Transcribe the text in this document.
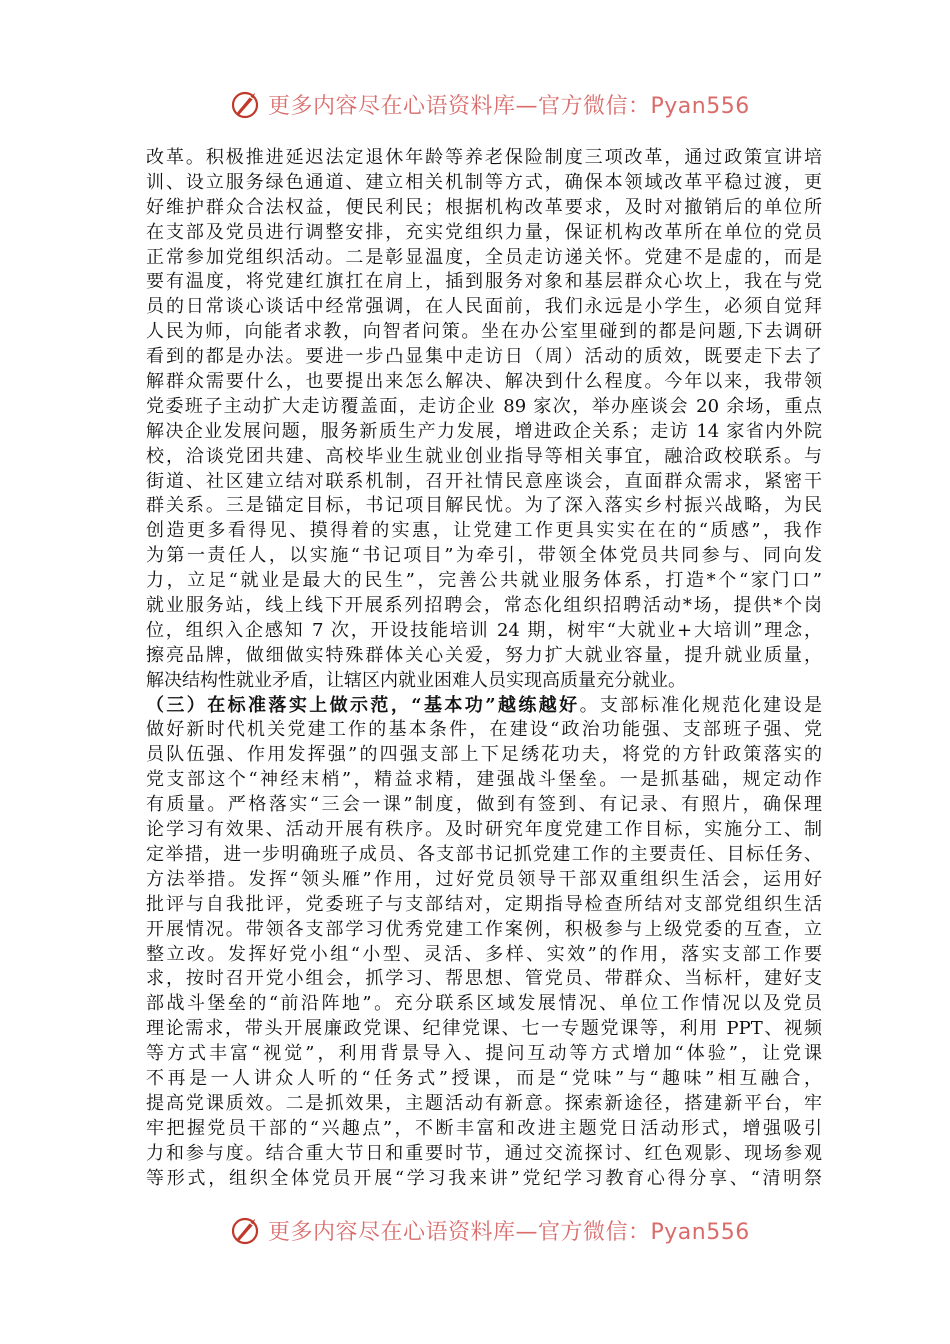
更多内容尽在心语资料库—官方微信：Pyan556
改革。积极推进延迟法定退休年龄等养老保险制度三项改革，通过政策宣讲培
训、设立服务绿色通道、建立相关机制等方式，确保本领域改革平稳过渡，更
好维护群众合法权益，便民利民；根据机构改革要求，及时对撤销后的单位所
在支部及党员进行调整安排，充实党组织力量，保证机构改革所在单位的党员
正常参加党组织活动。二是彰显温度，全员走访递关怀。党建不是虚的，而是
要有温度，将党建红旗扛在肩上，插到服务对象和基层群众心坎上，我在与党
员的日常谈心谈话中经常强调，在人民面前，我们永远是小学生，必须自觉拜
人民为师，向能者求教，向智者问策。坐在办公室里碰到的都是问题,下去调研
看到的都是办法。要进一步凸显集中走访日（周）活动的质效，既要走下去了
解群众需要什么，也要提出来怎么解决、解决到什么程度。今年以来，我带领
党委班子主动扩大走访覆盖面，走访企业 89 家次，举办座谈会 20 余场，重点
解决企业发展问题，服务新质生产力发展，增进政企关系；走访 14 家省内外院
校，洽谈党团共建、高校毕业生就业创业指导等相关事宜，融洽政校联系。与
街道、社区建立结对联系机制，召开社情民意座谈会，直面群众需求，紧密干
群关系。三是锚定目标，书记项目解民忧。为了深入落实乡村振兴战略，为民
创造更多看得见、摸得着的实惠，让党建工作更具实实在在的“质感”，我作
为第一责任人，以实施“书记项目”为牵引，带领全体党员共同参与、同向发
力，立足“就业是最大的民生”，完善公共就业服务体系，打造*个“家门口”
就业服务站，线上线下开展系列招聘会，常态化组织招聘活动*场，提供*个岗
位，组织入企感知 7 次，开设技能培训 24 期，树牢“大就业+大培训”理念，
擦亮品牌，做细做实特殊群体关心关爱，努力扩大就业容量，提升就业质量，
解决结构性就业矛盾，让辖区内就业困难人员实现高质量充分就业。
（三）在标准落实上做示范，“基本功”越练越好。支部标准化规范化建设是
做好新时代机关党建工作的基本条件，在建设“政治功能强、支部班子强、党
员队伍强、作用发挥强”的四强支部上下足绣花功夫，将党的方针政策落实的
党支部这个“神经末梢”，精益求精，建强战斗堡垒。一是抓基础，规定动作
有质量。严格落实“三会一课”制度，做到有签到、有记录、有照片，确保理
论学习有效果、活动开展有秩序。及时研究年度党建工作目标，实施分工、制
定举措，进一步明确班子成员、各支部书记抓党建工作的主要责任、目标任务、
方法举措。发挥“领头雁”作用，过好党员领导干部双重组织生活会，运用好
批评与自我批评，党委班子与支部结对，定期指导检查所结对支部党组织生活
开展情况。带领各支部学习优秀党建工作案例，积极参与上级党委的互查，立
整立改。发挥好党小组“小型、灵活、多样、实效”的作用，落实支部工作要
求，按时召开党小组会，抓学习、帮思想、管党员、带群众、当标杆，建好支
部战斗堡垒的“前沿阵地”。充分联系区域发展情况、单位工作情况以及党员
理论需求，带头开展廉政党课、纪律党课、七一专题党课等，利用 PPT、视频
等方式丰富“视觉”，利用背景导入、提问互动等方式增加“体验”，让党课
不再是一人讲众人听的“任务式”授课，而是“党味”与“趣味”相互融合，
提高党课质效。二是抓效果，主题活动有新意。探索新途径，搭建新平台，牢
牢把握党员干部的“兴趣点”，不断丰富和改进主题党日活动形式，增强吸引
力和参与度。结合重大节日和重要时节，通过交流探讨、红色观影、现场参观
等形式，组织全体党员开展“学习我来讲”党纪学习教育心得分享、“清明祭
更多内容尽在心语资料库—官方微信：Pyan556
